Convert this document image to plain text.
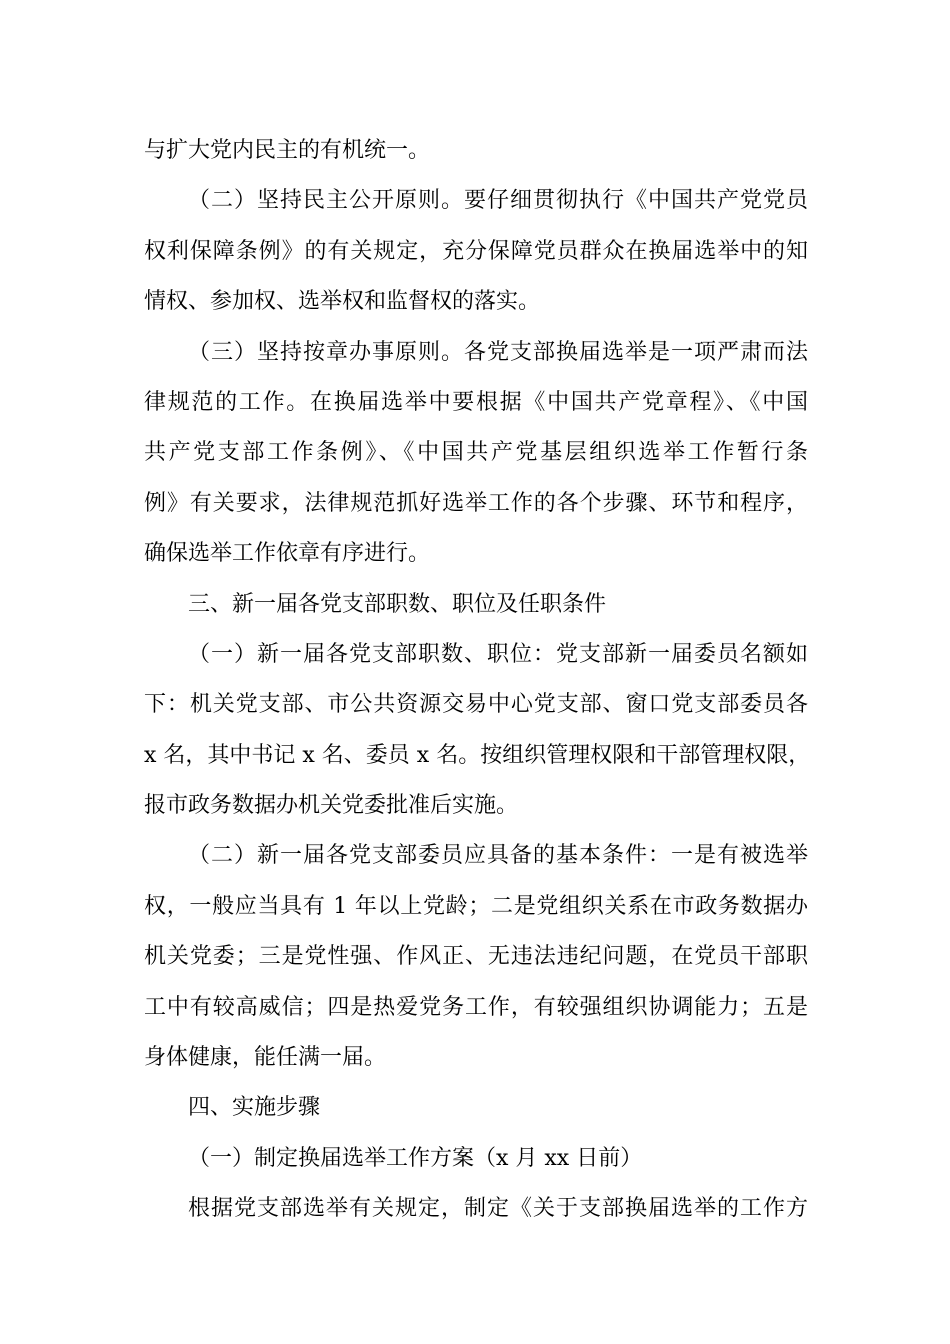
与扩大党内民主的有机统一。
（二）坚持民主公开原则。要仔细贯彻执行《中国共产党党员
权利保障条例》的有关规定，充分保障党员群众在换届选举中的知
情权、参加权、选举权和监督权的落实。
（三）坚持按章办事原则。各党支部换届选举是一项严肃而法
律规范的工作。在换届选举中要根据《中国共产党章程》、《中国
共产党支部工作条例》、《中国共产党基层组织选举工作暂行条
例》有关要求，法律规范抓好选举工作的各个步骤、环节和程序，
确保选举工作依章有序进行。
三、新一届各党支部职数、职位及任职条件
（一）新一届各党支部职数、职位：党支部新一届委员名额如
下：机关党支部、市公共资源交易中心党支部、窗口党支部委员各
x 名，其中书记 x 名、委员 x 名。按组织管理权限和干部管理权限，
报市政务数据办机关党委批准后实施。
（二）新一届各党支部委员应具备的基本条件：一是有被选举
权，一般应当具有 1 年以上党龄；二是党组织关系在市政务数据办
机关党委；三是党性强、作风正、无违法违纪问题，在党员干部职
工中有较高威信；四是热爱党务工作，有较强组织协调能力；五是
身体健康，能任满一届。
四、实施步骤
（一）制定换届选举工作方案（x 月 xx 日前）
根据党支部选举有关规定，制定《关于支部换届选举的工作方
